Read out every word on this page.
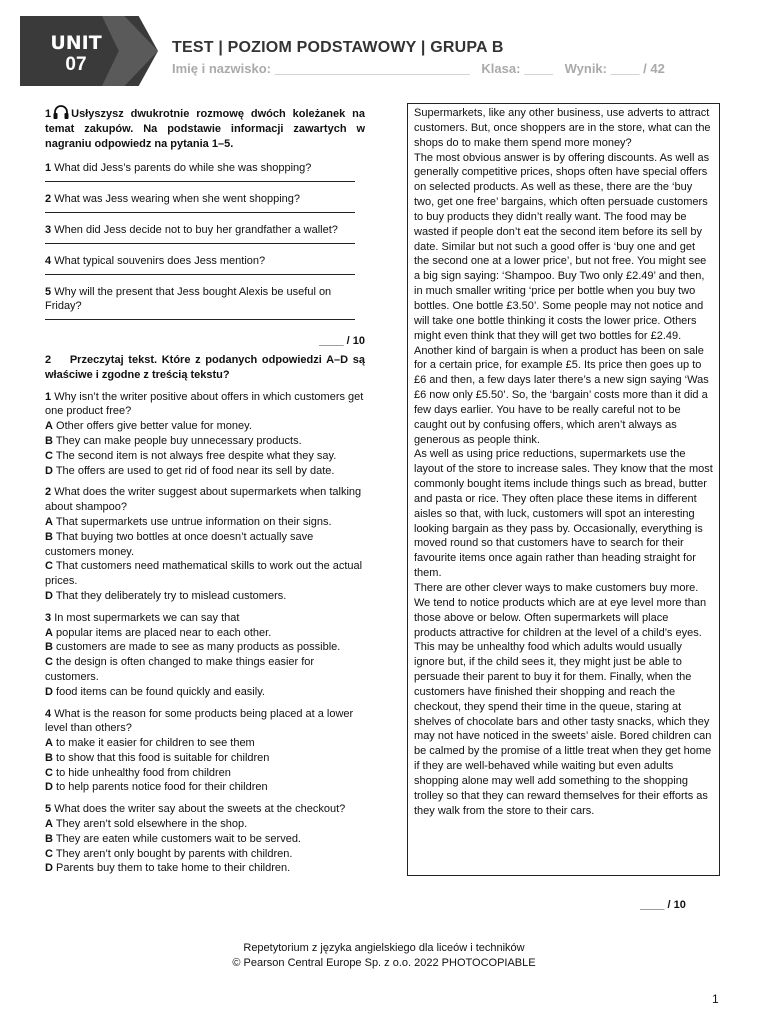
UNIT
07
TEST | POZIOM PODSTAWOWY | GRUPA B
Imię i nazwisko: ___________________________ Klasa: ____ Wynik: ____ / 42
1 Usłyszysz dwukrotnie rozmowę dwóch koleżanek na temat zakupów. Na podstawie informacji zawartych w nagraniu odpowiedz na pytania 1–5.
1 What did Jess’s parents do while she was shopping?
2 What was Jess wearing when she went shopping?
3 When did Jess decide not to buy her grandfather a wallet?
4 What typical souvenirs does Jess mention?
5 Why will the present that Jess bought Alexis be useful on Friday?
____ / 10
2 Przeczytaj tekst. Które z podanych odpowiedzi A–D są właściwe i zgodne z treścią tekstu?
1 Why isn’t the writer positive about offers in which customers get one product free?
A Other offers give better value for money.
B They can make people buy unnecessary products.
C The second item is not always free despite what they say.
D The offers are used to get rid of food near its sell by date.
2 What does the writer suggest about supermarkets when talking about shampoo?
A That supermarkets use untrue information on their signs.
B That buying two bottles at once doesn’t actually save customers money.
C That customers need mathematical skills to work out the actual prices.
D That they deliberately try to mislead customers.
3 In most supermarkets we can say that
A popular items are placed near to each other.
B customers are made to see as many products as possible.
C the design is often changed to make things easier for customers.
D food items can be found quickly and easily.
4 What is the reason for some products being placed at a lower level than others?
A to make it easier for children to see them
B to show that this food is suitable for children
C to hide unhealthy food from children
D to help parents notice food for their children
5 What does the writer say about the sweets at the checkout?
A They aren’t sold elsewhere in the shop.
B They are eaten while customers wait to be served.
C They aren’t only bought by parents with children.
D Parents buy them to take home to their children.

Supermarkets, like any other business, use adverts to attract customers. But, once shoppers are in the store, what can the shops do to make them spend more money?

The most obvious answer is by offering discounts. As well as generally competitive prices, shops often have special offers on selected products. As well as these, there are the ‘buy two, get one free’ bargains, which often persuade customers to buy products they didn’t really want. The food may be wasted if people don’t eat the second item before its sell by date. Similar but not such a good offer is ‘buy one and get the second one at a lower price’, but not free. You might see a big sign saying: ‘Shampoo. Buy Two only £2.49’ and then, in much smaller writing ‘price per bottle when you buy two bottles. One bottle £3.50’. Some people may not notice and will take one bottle thinking it costs the lower price. Others might even think that they will get two bottles for £2.49. Another kind of bargain is when a product has been on sale for a certain price, for example £5. Its price then goes up to £6 and then, a few days later there’s a new sign saying ‘Was £6 now only £5.50’. So, the ‘bargain’ costs more than it did a few days earlier. You have to be really careful not to be caught out by confusing offers, which aren’t always as generous as people think.

As well as using price reductions, supermarkets use the layout of the store to increase sales. They know that the most commonly bought items include things such as bread, butter and pasta or rice. They often place these items in different aisles so that, with luck, customers will spot an interesting looking bargain as they pass by. Occasionally, everything is moved round so that customers have to search for their favourite items once again rather than heading straight for them.

There are other clever ways to make customers buy more. We tend to notice products which are at eye level more than those above or below. Often supermarkets will place products attractive for children at the level of a child’s eyes. This may be unhealthy food which adults would usually ignore but, if the child sees it, they might just be able to persuade their parent to buy it for them. Finally, when the customers have finished their shopping and reach the checkout, they spend their time in the queue, staring at shelves of chocolate bars and other tasty snacks, which they may not have noticed in the sweets’ aisle. Bored children can be calmed by the promise of a little treat when they get home if they are well-behaved while waiting but even adults shopping alone may well add something to the shopping trolley so that they can reward themselves for their efforts as they walk from the store to their cars.

____ / 10
Repetytorium z języka angielskiego dla liceów i techników
© Pearson Central Europe Sp. z o.o. 2022 PHOTOCOPIABLE
1
